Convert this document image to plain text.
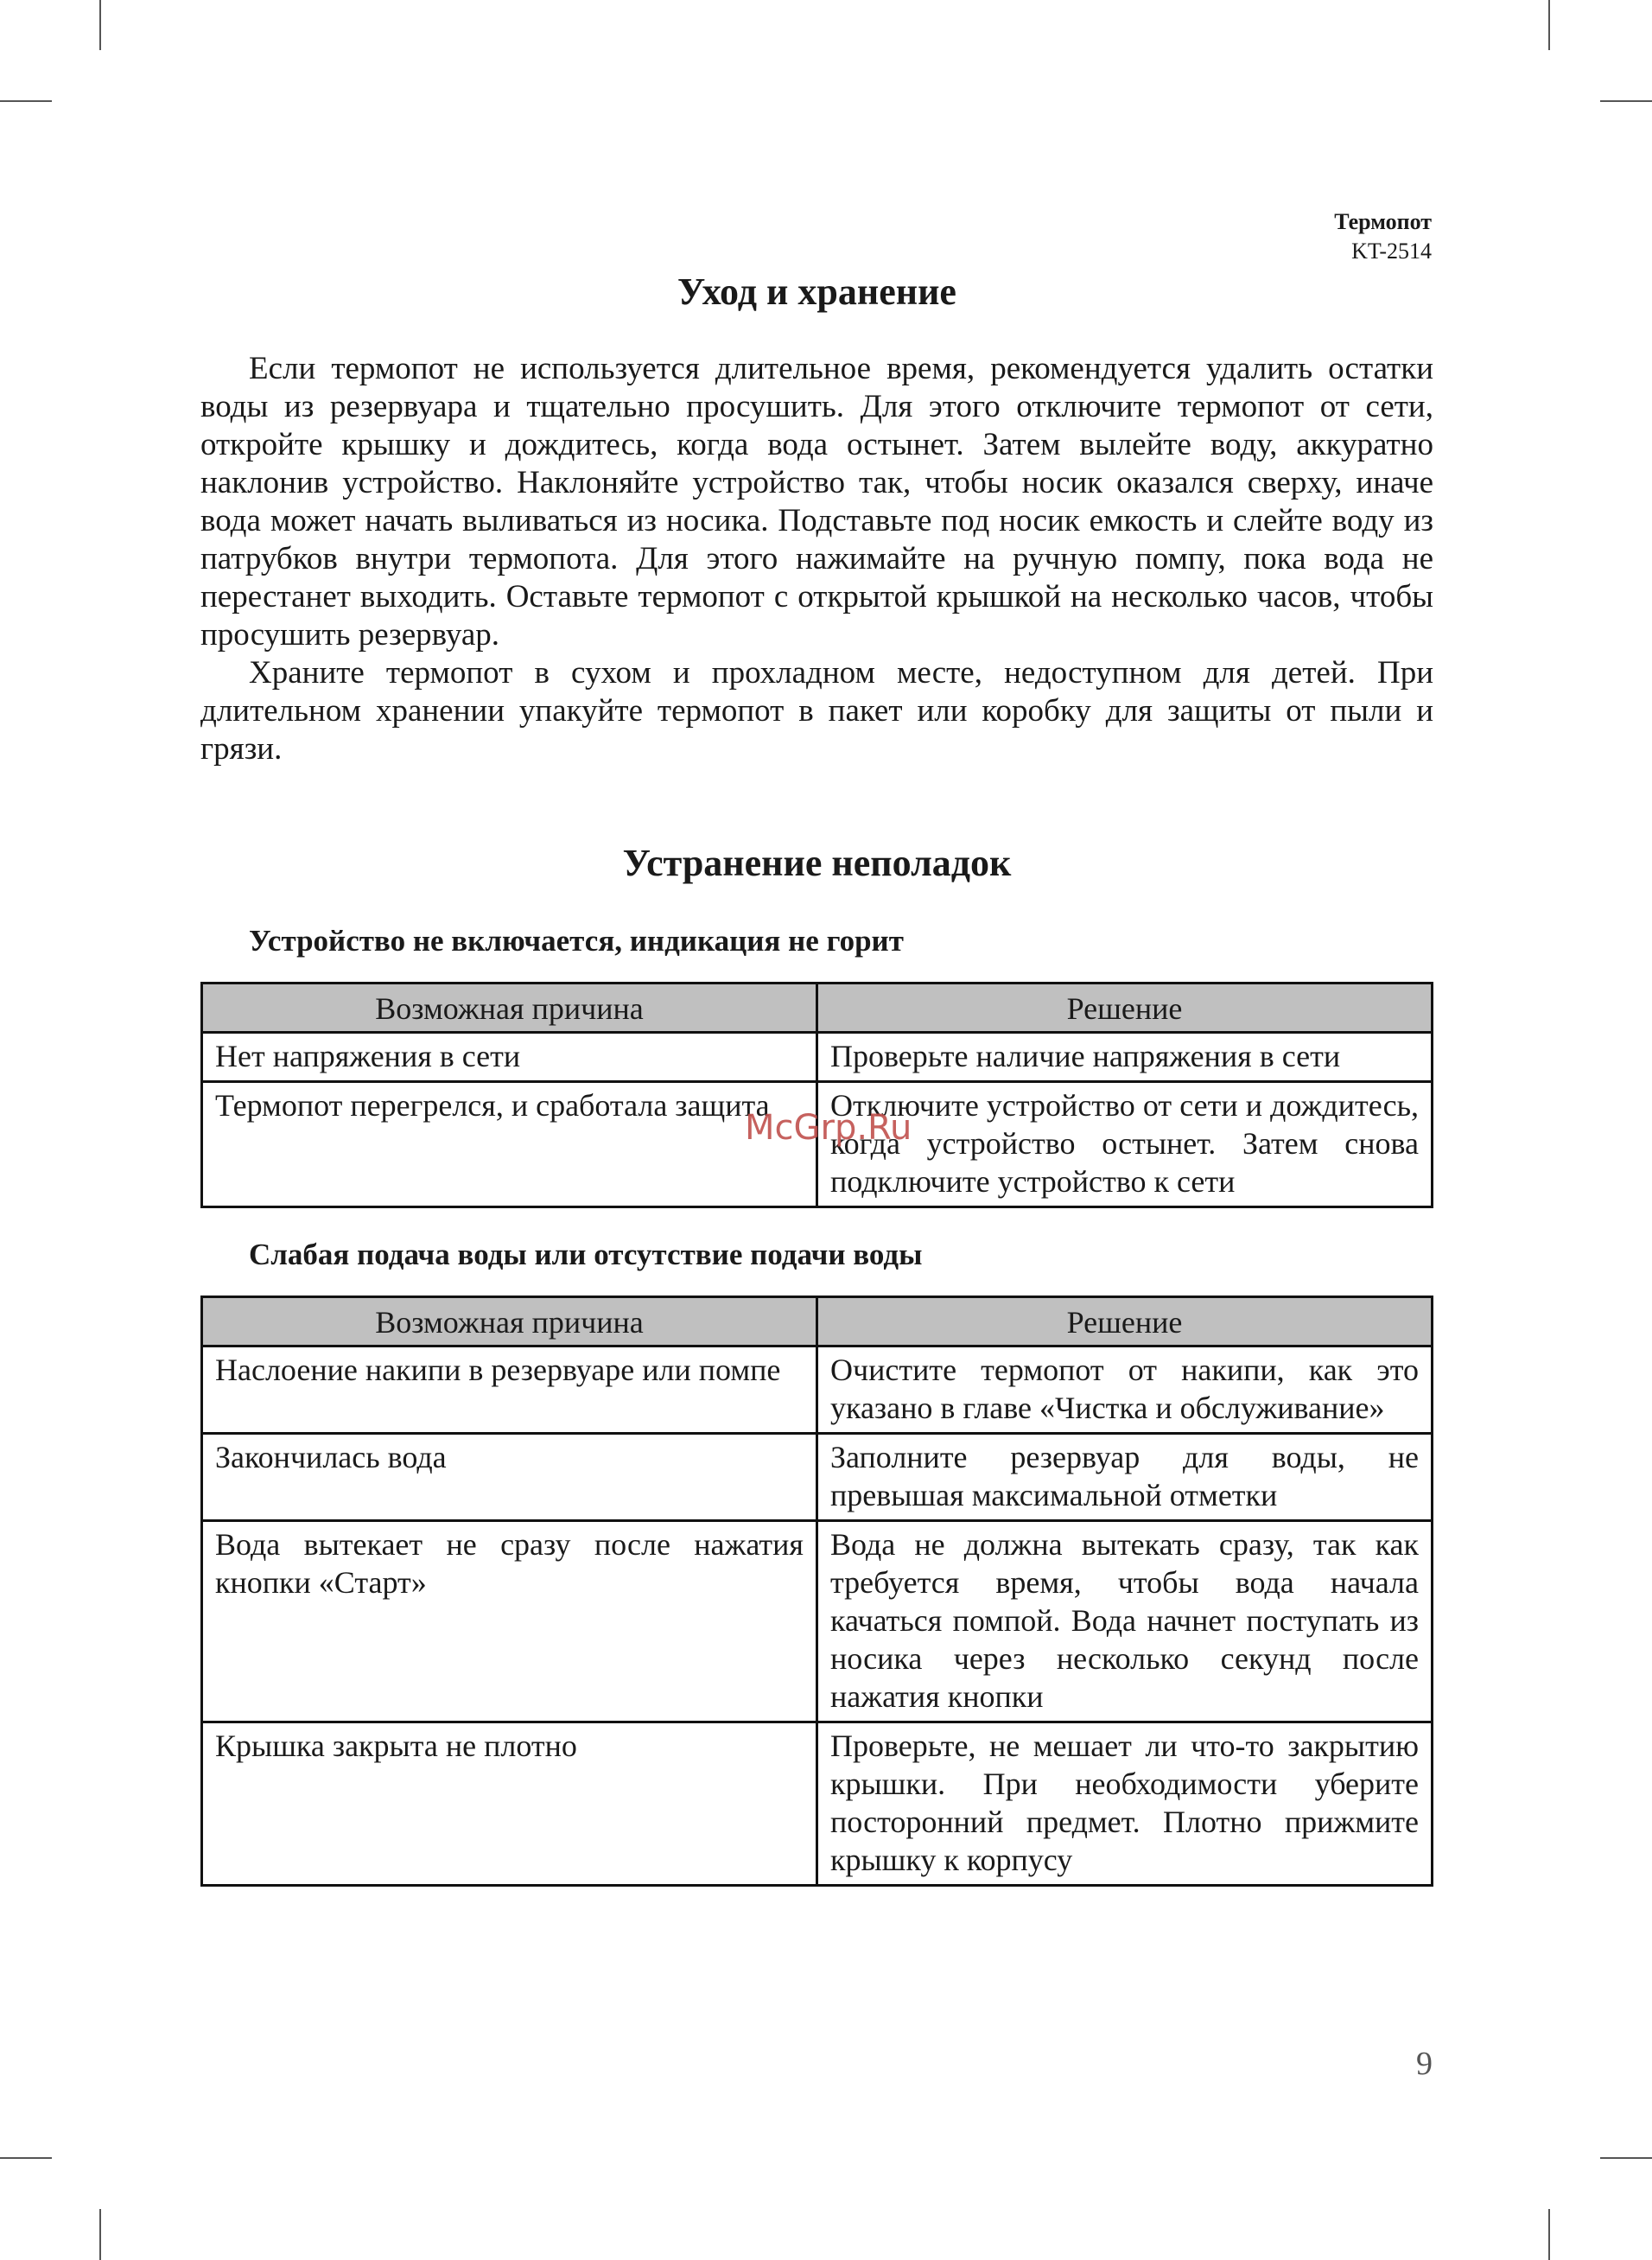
Термопот
KT-2514
Уход и хранение

Если термопот не используется длительное время, рекомендуется удалить остатки воды из резервуара и тщательно просушить. Для этого отключите термопот от сети, откройте крышку и дождитесь, когда вода остынет. Затем вылейте воду, аккуратно наклонив устройство. Наклоняйте устройство так, чтобы носик оказался сверху, иначе вода может начать выливаться из носика. Подставьте под носик емкость и слейте воду из патрубков внутри термопота. Для этого нажимайте на ручную помпу, пока вода не перестанет выходить. Оставьте термопот с открытой крышкой на несколько часов, чтобы просушить резервуар.

Храните термопот в сухом и прохладном месте, недоступном для детей. При длительном хранении упакуйте термопот в пакет или коробку для защиты от пыли и грязи.

Устранение неполадок
Устройство не включается, индикация не горит
Возможная причина	Решение
Нет напряжения в сети	Проверьте наличие напряжения в сети
Термопот перегрелся, и сработала защита	Отключите устройство от сети и дождитесь, когда устройство остынет. Затем снова подключите устройство к сети
Слабая подача воды или отсутствие подачи воды
Возможная причина	Решение
Наслоение накипи в резервуаре или помпе	Очистите термопот от накипи, как это указано в главе «Чистка и обслуживание»
Закончилась вода	Заполните резервуар для воды, не превышая максимальной отметки
Вода вытекает не сразу после нажатия кнопки «Старт»	Вода не должна вытекать сразу, так как требуется время, чтобы вода начала качаться помпой. Вода начнет поступать из носика через несколько секунд после нажатия кнопки
Крышка закрыта не плотно	Проверьте, не мешает ли что-то закрытию крышки. При необходимости уберите посторонний предмет. Плотно прижмите крышку к корпусу
McGrp.Ru
9
